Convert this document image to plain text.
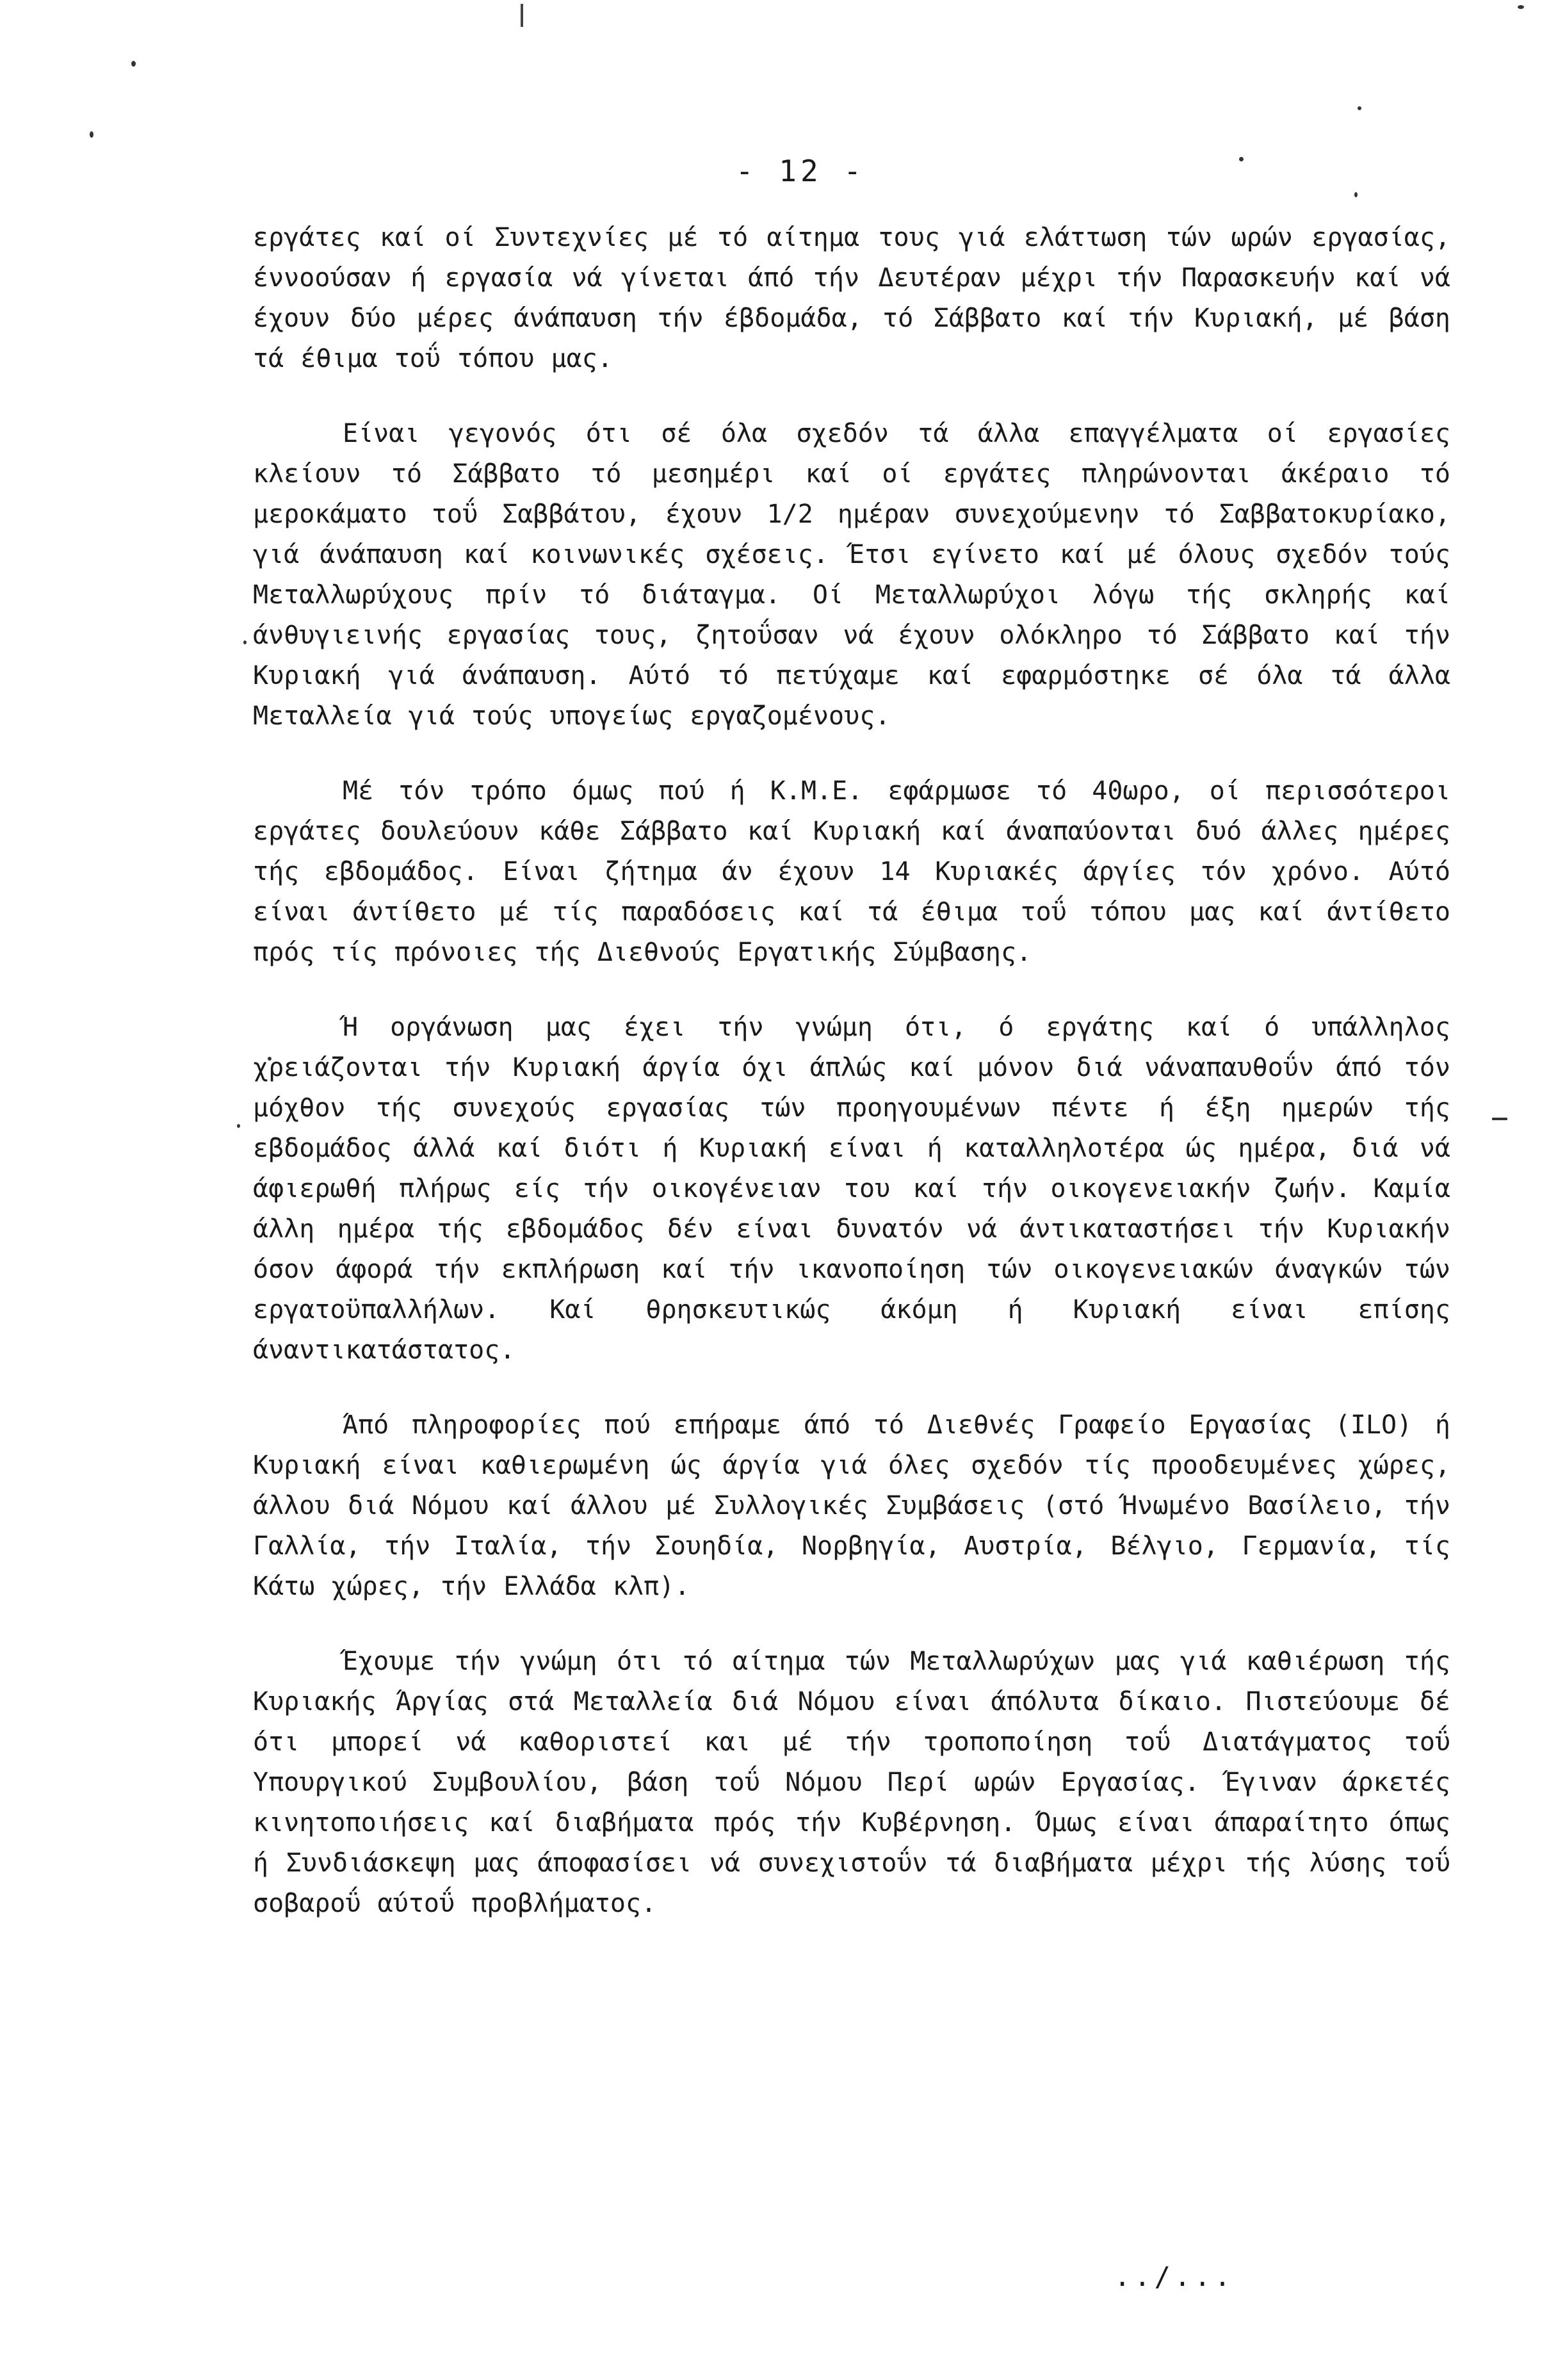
- 12 -

εργάτες καί οί Συντεχνίες μέ τό αίτημα τους γιά ελάττωση τών ωρών εργασίας, έννοούσαν ή εργασία νά γίνεται άπό τήν Δευτέραν μέχρι τήν Παρασκευήν καί νά έχουν δύο μέρες άνάπαυση τήν έβδομάδα, τό Σάββατο καί τήν Κυριακή, μέ βάση τά έθιμα τοΰ τόπου μας.

Είναι γεγονός ότι σέ όλα σχεδόν τά άλλα επαγγέλματα οί εργασίες κλείουν τό Σάββατο τό μεσημέρι καί οί εργάτες πληρώνονται άκέραιο τό μεροκάματο τοΰ Σαββάτου, έχουν 1/2 ημέραν συνεχούμενην τό Σαββατοκυρίακο, γιά άνάπαυση καί κοινωνικές σχέσεις. Έτσι εγίνετο καί μέ όλους σχεδόν τούς Μεταλλωρύχους πρίν τό διάταγμα. Οί Μεταλλωρύχοι λόγω τής σκληρής καί άνθυγιεινής εργασίας τους, ζητοΰσαν νά έχουν ολόκληρο τό Σάββατο καί τήν Κυριακή γιά άνάπαυση. Αύτό τό πετύχαμε καί εφαρμόστηκε σέ όλα τά άλλα Μεταλλεία γιά τούς υπογείως εργαζομένους.

Μέ τόν τρόπο όμως πού ή Κ.Μ.Ε. εφάρμωσε τό 40ωρο, οί περισσότεροι εργάτες δουλεύουν κάθε Σάββατο καί Κυριακή καί άναπαύονται δυό άλλες ημέρες τής εβδομάδος. Είναι ζήτημα άν έχουν 14 Κυριακές άργίες τόν χρόνο. Αύτό είναι άντίθετο μέ τίς παραδόσεις καί τά έθιμα τοΰ τόπου μας καί άντίθετο πρός τίς πρόνοιες τής Διεθνούς Εργατικής Σύμβασης.

Ή οργάνωση μας έχει τήν γνώμη ότι, ό εργάτης καί ό υπάλληλος χρειάζονται τήν Κυριακή άργία όχι άπλώς καί μόνον διά νάναπαυθοΰν άπό τόν μόχθον τής συνεχούς εργασίας τών προηγουμένων πέντε ή έξη ημερών τής εβδομάδος άλλά καί διότι ή Κυριακή είναι ή καταλληλοτέρα ώς ημέρα, διά νά άφιερωθή πλήρως είς τήν οικογένειαν του καί τήν οικογενειακήν ζωήν. Καμία άλλη ημέρα τής εβδομάδος δέν είναι δυνατόν νά άντικαταστήσει τήν Κυριακήν όσον άφορά τήν εκπλήρωση καί τήν ικανοποίηση τών οικογενειακών άναγκών τών εργατοϋπαλλήλων. Καί θρησκευτικώς άκόμη ή Κυριακή είναι επίσης άναντικατάστατος.

Άπό πληροφορίες πού επήραμε άπό τό Διεθνές Γραφείο Εργασίας (ILO) ή Κυριακή είναι καθιερωμένη ώς άργία γιά όλες σχεδόν τίς προοδευμένες χώρες, άλλου διά Νόμου καί άλλου μέ Συλλογικές Συμβάσεις (στό Ήνωμένο Βασίλειο, τήν Γαλλία, τήν Ιταλία, τήν Σουηδία, Νορβηγία, Αυστρία, Βέλγιο, Γερμανία, τίς Κάτω χώρες, τήν Ελλάδα κλπ).

Έχουμε τήν γνώμη ότι τό αίτημα τών Μεταλλωρύχων μας γιά καθιέρωση τής Κυριακής Άργίας στά Μεταλλεία διά Νόμου είναι άπόλυτα δίκαιο. Πιστεύουμε δέ ότι μπορεί νά καθοριστεί και μέ τήν τροποποίηση τοΰ Διατάγματος τοΰ Υπουργικού Συμβουλίου, βάση τοΰ Νόμου Περί ωρών Εργασίας. Έγιναν άρκετές κινητοποιήσεις καί διαβήματα πρός τήν Κυβέρνηση. Όμως είναι άπαραίτητο όπως ή Συνδιάσκεψη μας άποφασίσει νά συνεχιστοΰν τά διαβήματα μέχρι τής λύσης τοΰ σοβαροΰ αύτοΰ προβλήματος.

../...
